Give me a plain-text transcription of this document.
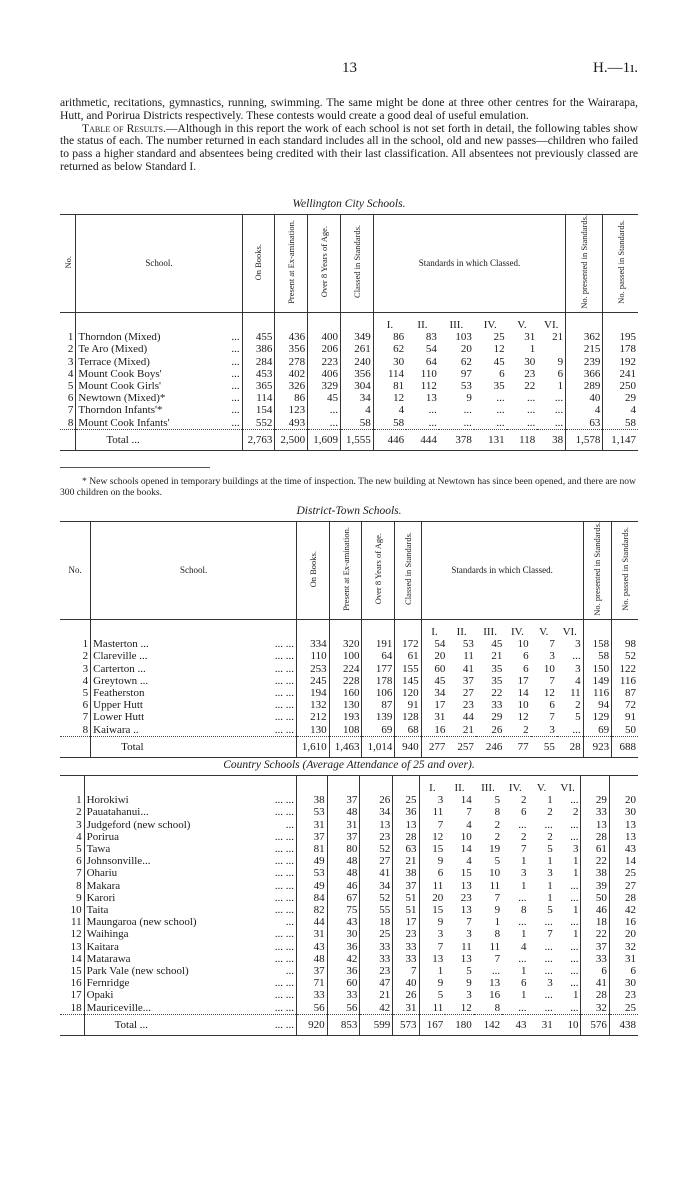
13	H.—1ı.

arithmetic, recitations, gymnastics, running, swimming. The same might be done at three other centres for the Wairarapa, Hutt, and Porirua Districts respectively. These contests would create a good deal of useful emulation.

Table of Results.—Although in this report the work of each school is not set forth in detail, the following tables show the status of each. The number returned in each standard includes all in the school, old and new passes—children who failed to pass a higher standard and absentees being credited with their last classification. All absentees not previously classed are returned as below Standard I.

Wellington City Schools.
No.	School.	On Books.	Present at Ex-amination.	Over 8 Years of Age.	Classed in Standards.	Standards in which Classed.						No. presented in Standards.	No. passed in Standards.
						I.	II.	III.	IV.	V.	VI.		
1	Thorndon (Mixed) ...	455	436	400	349	86	83	103	25	31	21	362	195
2	Te Aro (Mixed) ...	386	356	206	261	62	54	20	12	1		215	178
3	Terrace (Mixed) ...	284	278	223	240	30	64	62	45	30	9	239	192
4	Mount Cook Boys' ...	453	402	406	356	114	110	97	6	23	6	366	241
5	Mount Cook Girls' ...	365	326	329	304	81	112	53	35	22	1	289	250
6	Newtown (Mixed)* ...	114	86	45	34	12	13	9	...	...	...	40	29
7	Thorndon Infants'* ...	154	123	...	4	4	...	...	...	...	...	4	4
8	Mount Cook Infants' ...	552	493	...	58	58	...	...	...	...	...	63	58
	Total ...	2,763	2,500	1,609	1,555	446	444	378	131	118	38	1,578	1,147
* New schools opened in temporary buildings at the time of inspection. The new building at Newtown has since been opened, and there are now 300 children on the books.
District-Town Schools.
No.	School.	On Books.	Present at Ex-amination.	Over 8 Years of Age.	Classed in Standards.	Standards in which Classed.						No. presented in Standards.	No. passed in Standards.
						I.	II.	III.	IV.	V.	VI.		
1	Masterton ... ... ...	334	320	191	172	54	53	45	10	7	3	158	98
2	Clareville ... ... ...	110	100	64	61	20	11	21	6	3	...	58	52
3	Carterton ... ... ...	253	224	177	155	60	41	35	6	10	3	150	122
4	Greytown ... ... ...	245	228	178	145	45	37	35	17	7	4	149	116
5	Featherston ... ...	194	160	106	120	34	27	22	14	12	11	116	87
6	Upper Hutt ... ...	132	130	87	91	17	23	33	10	6	2	94	72
7	Lower Hutt ... ...	212	193	139	128	31	44	29	12	7	5	129	91
8	Kaiwara .. ... ...	130	108	69	68	16	21	26	2	3	...	69	50
	Total	1,610	1,463	1,014	940	277	257	246	77	55	28	923	688
Country Schools (Average Attendance of 25 and over).
						I.	II.	III.	IV.	V.	VI.		
1	Horokiwi ... ...	38	37	26	25	3	14	5	2	1	...	29	20
2	Pauatahanui... ... ...	53	48	34	36	11	7	8	6	2	2	33	30
3	Judgeford (new school) ...	31	31	13	13	7	4	2	...	...	...	13	13
4	Porirua ... ...	37	37	23	28	12	10	2	2	2	...	28	13
5	Tawa ... ...	81	80	52	63	15	14	19	7	5	3	61	43
6	Johnsonville... ... ...	49	48	27	21	9	4	5	1	1	1	22	14
7	Ohariu ... ...	53	48	41	38	6	15	10	3	3	1	38	25
8	Makara ... ...	49	46	34	37	11	13	11	1	1	...	39	27
9	Karori ... ...	84	67	52	51	20	23	7	...	1	...	50	28
10	Taita ... ...	82	75	55	51	15	13	9	8	5	1	46	42
11	Maungaroa (new school) ...	44	43	18	17	9	7	1	...	...	...	18	16
12	Waihinga ... ...	31	30	25	23	3	3	8	1	7	1	22	20
13	Kaitara ... ...	43	36	33	33	7	11	11	4	...	...	37	32
14	Matarawa ... ...	48	42	33	33	13	13	7	...	...	...	33	31
15	Park Vale (new school) ...	37	36	23	7	1	5	...	1	...	...	6	6
16	Fernridge ... ...	71	60	47	40	9	9	13	6	3	...	41	30
17	Opaki ... ...	33	33	21	26	5	3	16	1	...	1	28	23
18	Mauriceville... ... ...	56	56	42	31	11	12	8	...	...	...	32	25
	Total ... ... ...	920	853	599	573	167	180	142	43	31	10	576	438
